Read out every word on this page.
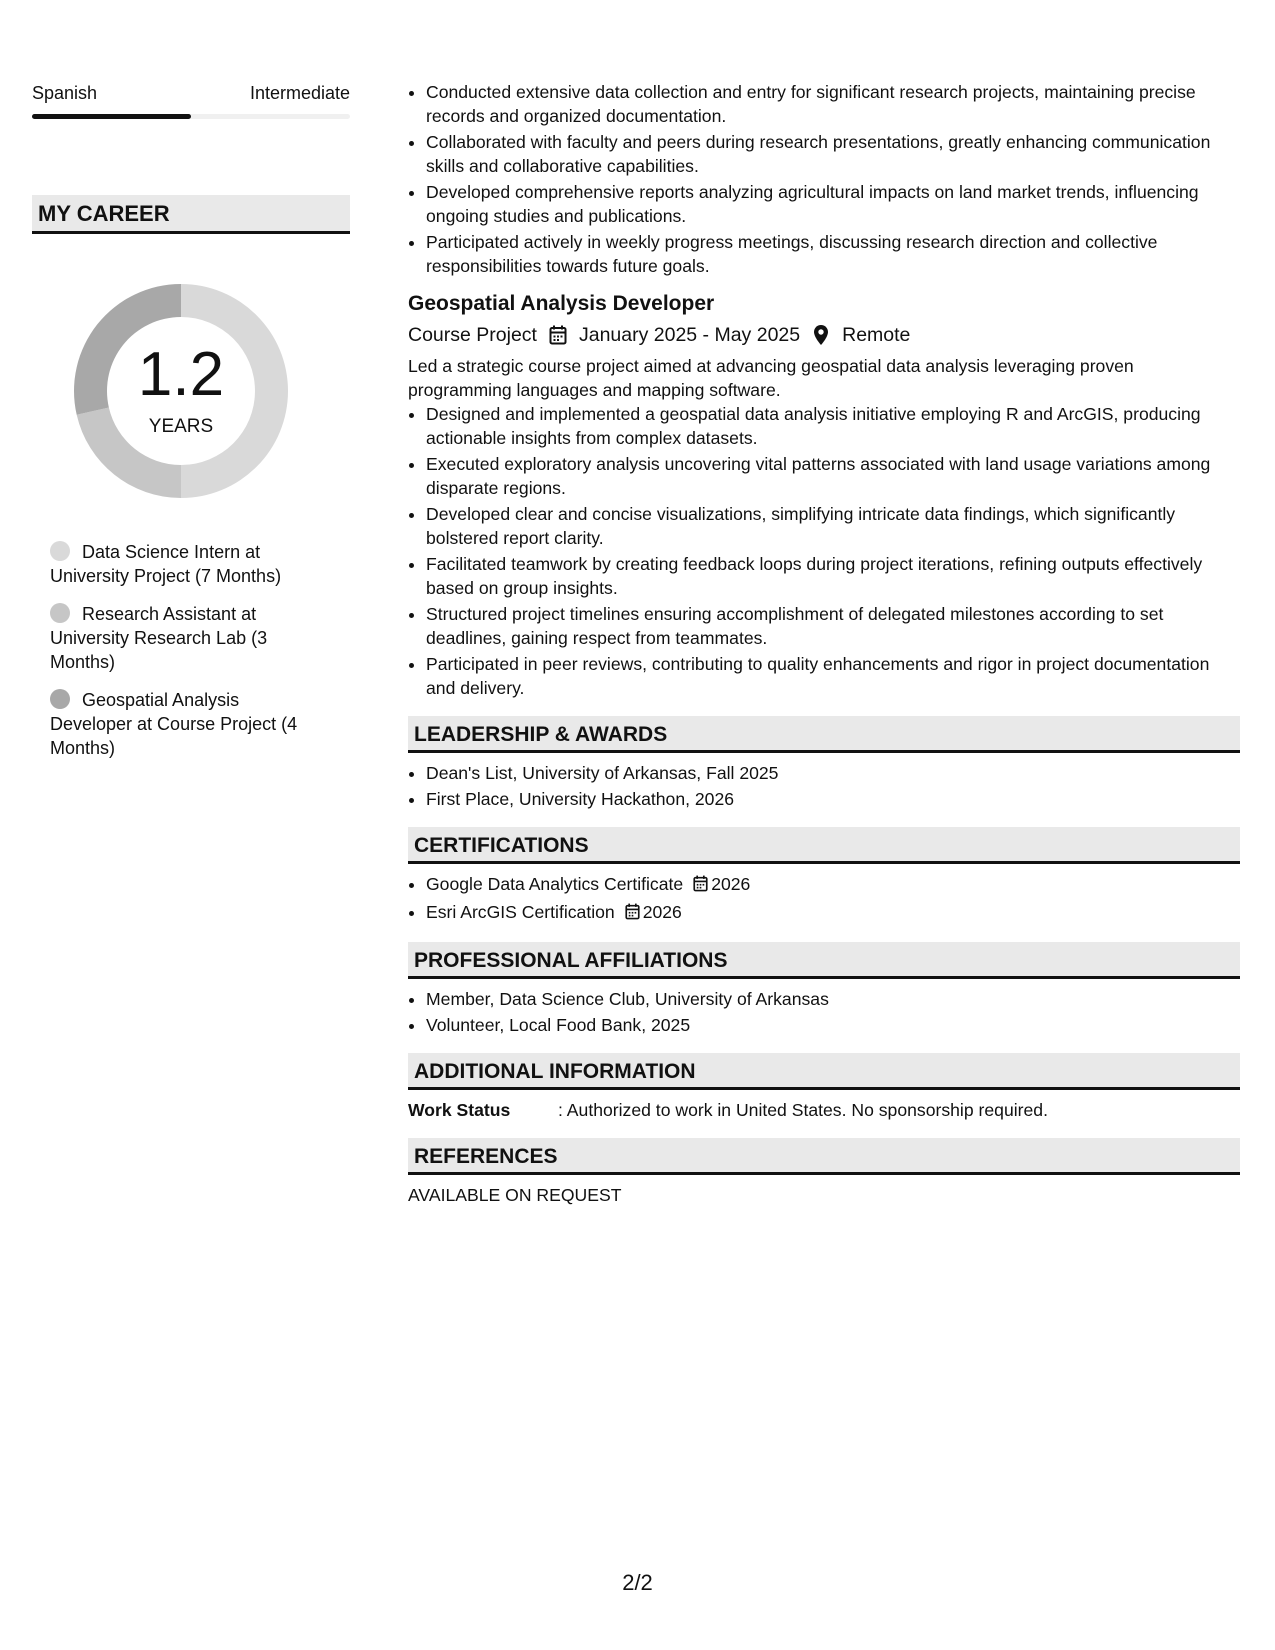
Spanish	Intermediate
MY CAREER
1.2
YEARS
Data Science Intern at University Project (7 Months)
Research Assistant at University Research Lab (3 Months)
Geospatial Analysis Developer at Course Project (4 Months)
• Conducted extensive data collection and entry for significant research projects, maintaining precise records and organized documentation.
• Collaborated with faculty and peers during research presentations, greatly enhancing communication skills and collaborative capabilities.
• Developed comprehensive reports analyzing agricultural impacts on land market trends, influencing ongoing studies and publications.
• Participated actively in weekly progress meetings, discussing research direction and collective responsibilities towards future goals.
Geospatial Analysis Developer
Course Project January 2025 - May 2025 Remote

Led a strategic course project aimed at advancing geospatial data analysis leveraging proven programming languages and mapping software.

• Designed and implemented a geospatial data analysis initiative employing R and ArcGIS, producing actionable insights from complex datasets.
• Executed exploratory analysis uncovering vital patterns associated with land usage variations among disparate regions.
• Developed clear and concise visualizations, simplifying intricate data findings, which significantly bolstered report clarity.
• Facilitated teamwork by creating feedback loops during project iterations, refining outputs effectively based on group insights.
• Structured project timelines ensuring accomplishment of delegated milestones according to set deadlines, gaining respect from teammates.
• Participated in peer reviews, contributing to quality enhancements and rigor in project documentation and delivery.
LEADERSHIP & AWARDS
• Dean's List, University of Arkansas, Fall 2025
• First Place, University Hackathon, 2026
CERTIFICATIONS
• Google Data Analytics Certificate 2026
• Esri ArcGIS Certification 2026
PROFESSIONAL AFFILIATIONS
• Member, Data Science Club, University of Arkansas
• Volunteer, Local Food Bank, 2025
ADDITIONAL INFORMATION
Work Status	: Authorized to work in United States. No sponsorship required.
REFERENCES
AVAILABLE ON REQUEST
2/2
